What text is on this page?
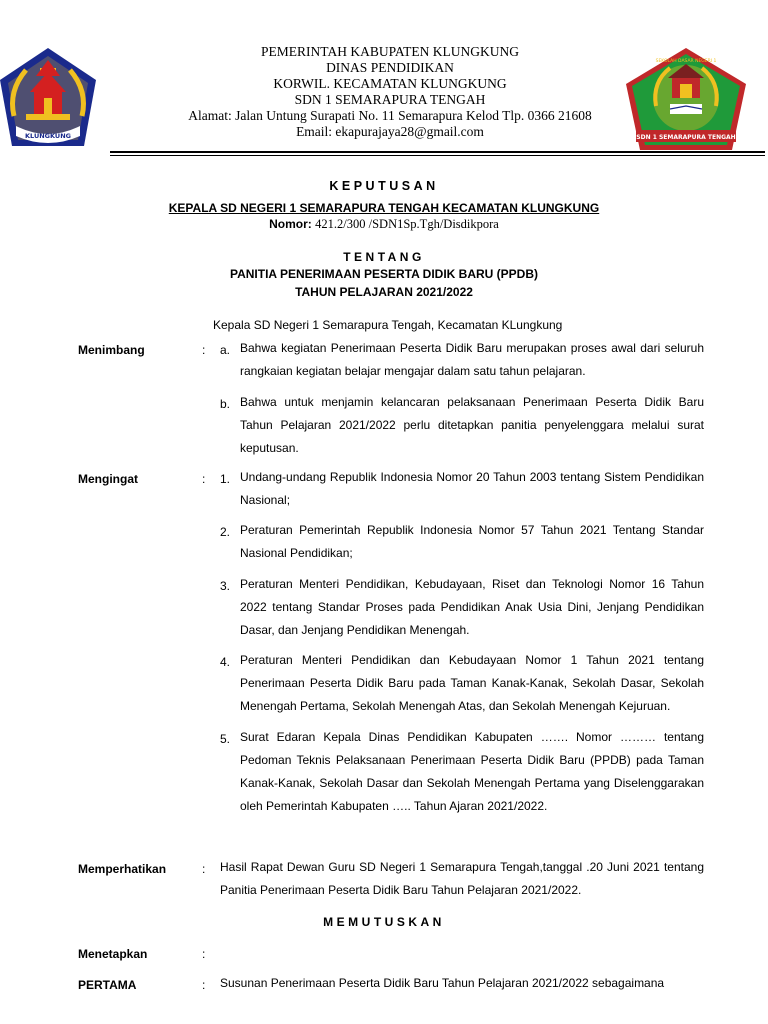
KLUNGKUNG
PEMERINTAH KABUPATEN KLUNGKUNG
DINAS PENDIDIKAN
KORWIL. KECAMATAN KLUNGKUNG
SDN 1 SEMARAPURA TENGAH
Alamat: Jalan Untung Surapati No. 11 Semarapura Kelod Tlp. 0366 21608
Email: ekapurajaya28@gmail.com
SEKOLAH DASAR NEGERI 1
SDN 1 SEMARAPURA TENGAH
KEPUTUSAN
KEPALA SD NEGERI 1 SEMARAPURA TENGAH KECAMATAN KLUNGKUNG
Nomor: 421.2/300 /SDN1Sp.Tgh/Disdikpora
TENTANG
PANITIA PENERIMAAN PESERTA DIDIK BARU (PPDB)
TAHUN PELAJARAN 2021/2022
Kepala SD Negeri 1 Semarapura Tengah, Kecamatan KLungkung
Menimbang	: a. Bahwa kegiatan Penerimaan Peserta Didik Baru merupakan proses awal dari seluruh rangkaian kegiatan belajar mengajar dalam satu tahun pelajaran.
b. Bahwa untuk menjamin kelancaran pelaksanaan Penerimaan Peserta Didik Baru Tahun Pelajaran 2021/2022 perlu ditetapkan panitia penyelenggara melalui surat keputusan.
Mengingat	: 1. Undang-undang Republik Indonesia Nomor 20 Tahun 2003 tentang Sistem Pendidikan Nasional;
2. Peraturan Pemerintah Republik Indonesia Nomor 57 Tahun 2021 Tentang Standar Nasional Pendidikan;
3. Peraturan Menteri Pendidikan, Kebudayaan, Riset dan Teknologi Nomor 16 Tahun 2022 tentang Standar Proses pada Pendidikan Anak Usia Dini, Jenjang Pendidikan Dasar, dan Jenjang Pendidikan Menengah.
4. Peraturan Menteri Pendidikan dan Kebudayaan Nomor 1 Tahun 2021 tentang Penerimaan Peserta Didik Baru pada Taman Kanak-Kanak, Sekolah Dasar, Sekolah Menengah Pertama, Sekolah Menengah Atas, dan Sekolah Menengah Kejuruan.
5. Surat Edaran Kepala Dinas Pendidikan Kabupaten ……. Nomor ……… tentang Pedoman Teknis Pelaksanaan Penerimaan Peserta Didik Baru (PPDB) pada Taman Kanak-Kanak, Sekolah Dasar dan Sekolah Menengah Pertama yang Diselenggarakan oleh Pemerintah Kabupaten ….. Tahun Ajaran 2021/2022.
Memperhatikan	: Hasil Rapat Dewan Guru SD Negeri 1 Semarapura Tengah,tanggal .20 Juni 2021 tentang Panitia Penerimaan Peserta Didik Baru Tahun Pelajaran 2021/2022.
MEMUTUSKAN
Menetapkan	:
PERTAMA	: Susunan Penerimaan Peserta Didik Baru Tahun Pelajaran 2021/2022 sebagaimana
